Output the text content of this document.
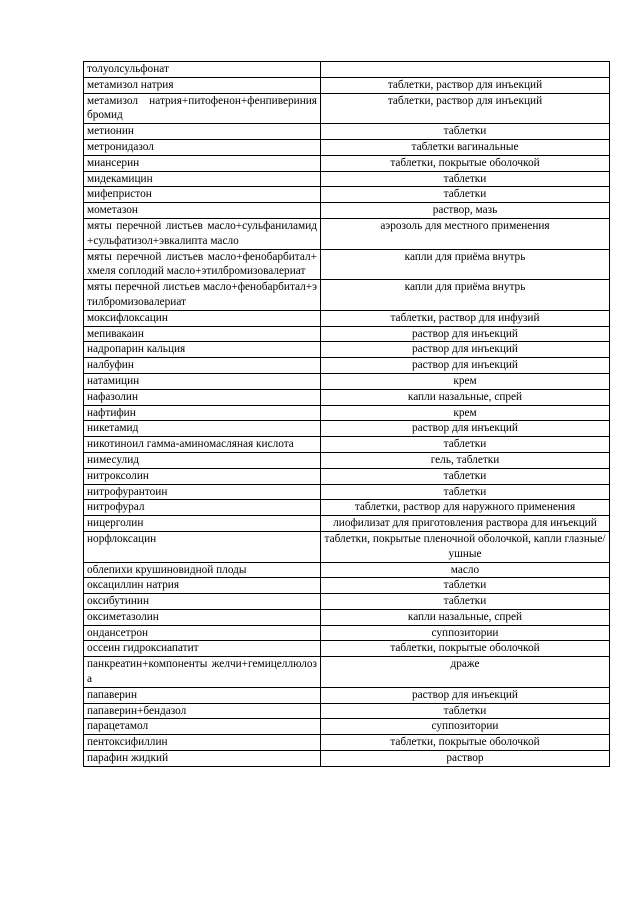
толуолсульфонат	
метамизол натрия	таблетки, раствор для инъекций
метамизол натрия+питофенон+фенпивериния бромид	таблетки, раствор для инъекций
метионин	таблетки
метронидазол	таблетки вагинальные
миансерин	таблетки, покрытые оболочкой
мидекамицин	таблетки
мифепристон	таблетки
мометазон	раствор, мазь
мяты перечной листьев масло+сульфаниламид+сульфатизол+эвкалипта масло	аэрозоль для местного применения
мяты перечной листьев масло+фенобарбитал+хмеля соплодий масло+этилбромизовалериат	капли для приёма внутрь
мяты перечной листьев масло+фенобарбитал+этилбромизовалериат	капли для приёма внутрь
моксифлоксацин	таблетки, раствор для инфузий
мепивакаин	раствор для инъекций
надропарин кальция	раствор для инъекций
налбуфин	раствор для инъекций
натамицин	крем
нафазолин	капли назальные, спрей
нафтифин	крем
никетамид	раствор для инъекций
никотиноил гамма-аминомасляная кислота	таблетки
нимесулид	гель, таблетки
нитроксолин	таблетки
нитрофурантоин	таблетки
нитрофурал	таблетки, раствор для наружного применения
ницерголин	лиофилизат для приготовления раствора для инъекций
норфлоксацин	таблетки, покрытые пленочной оболочкой, капли глазные/ушные
облепихи крушиновидной плоды	масло
оксациллин натрия	таблетки
оксибутинин	таблетки
оксиметазолин	капли назальные, спрей
ондансетрон	суппозитории
оссеин гидроксиапатит	таблетки, покрытые оболочкой
панкреатин+компоненты желчи+гемицеллюлоза	драже
папаверин	раствор для инъекций
папаверин+бендазол	таблетки
парацетамол	суппозитории
пентоксифиллин	таблетки, покрытые оболочкой
парафин жидкий	раствор
